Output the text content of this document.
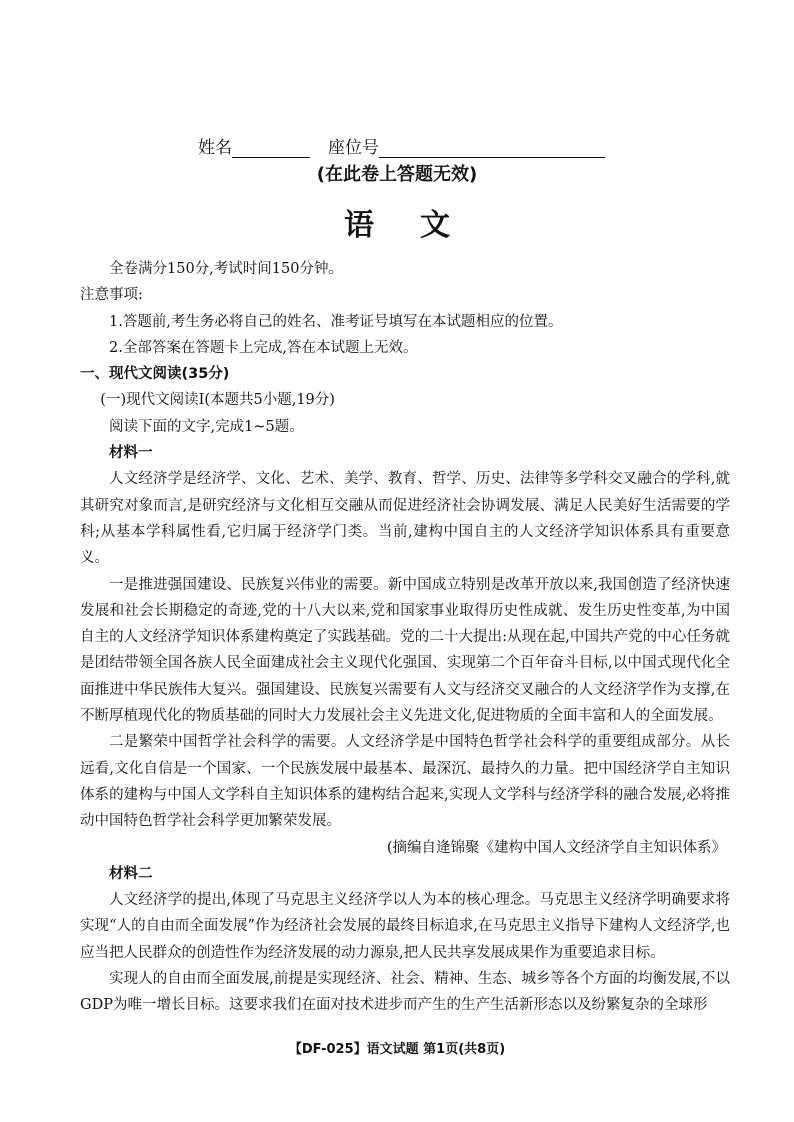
姓名	座位号
(在此卷上答题无效)
语文

全卷满分150分,考试时间150分钟。

注意事项:

1.答题前,考生务必将自己的姓名、准考证号填写在本试题相应的位置。

2.全部答案在答题卡上完成,答在本试题上无效。

一、现代文阅读(35分)

(一)现代文阅读Ⅰ(本题共5小题,19分)

阅读下面的文字,完成1~5题。

材料一

人文经济学是经济学、文化、艺术、美学、教育、哲学、历史、法律等多学科交叉融合的学科,就其研究对象而言,是研究经济与文化相互交融从而促进经济社会协调发展、满足人民美好生活需要的学科;从基本学科属性看,它归属于经济学门类。当前,建构中国自主的人文经济学知识体系具有重要意义。

一是推进强国建设、民族复兴伟业的需要。新中国成立特别是改革开放以来,我国创造了经济快速发展和社会长期稳定的奇迹,党的十八大以来,党和国家事业取得历史性成就、发生历史性变革,为中国自主的人文经济学知识体系建构奠定了实践基础。党的二十大提出:从现在起,中国共产党的中心任务就是团结带领全国各族人民全面建成社会主义现代化强国、实现第二个百年奋斗目标,以中国式现代化全面推进中华民族伟大复兴。强国建设、民族复兴需要有人文与经济交叉融合的人文经济学作为支撑,在不断厚植现代化的物质基础的同时大力发展社会主义先进文化,促进物质的全面丰富和人的全面发展。

二是繁荣中国哲学社会科学的需要。人文经济学是中国特色哲学社会科学的重要组成部分。从长远看,文化自信是一个国家、一个民族发展中最基本、最深沉、最持久的力量。把中国经济学自主知识体系的建构与中国人文学科自主知识体系的建构结合起来,实现人文学科与经济学科的融合发展,必将推动中国特色哲学社会科学更加繁荣发展。

(摘编自逄锦聚《建构中国人文经济学自主知识体系》

材料二

人文经济学的提出,体现了马克思主义经济学以人为本的核心理念。马克思主义经济学明确要求将实现“人的自由而全面发展”作为经济社会发展的最终目标追求,在马克思主义指导下建构人文经济学,也应当把人民群众的创造性作为经济发展的动力源泉,把人民共享发展成果作为重要追求目标。

实现人的自由而全面发展,前提是实现经济、社会、精神、生态、城乡等各个方面的均衡发展,不以GDP为唯一增长目标。这要求我们在面对技术进步而产生的生产生活新形态以及纷繁复杂的全球形

【DF-025】语文试题 第1页(共8页)
